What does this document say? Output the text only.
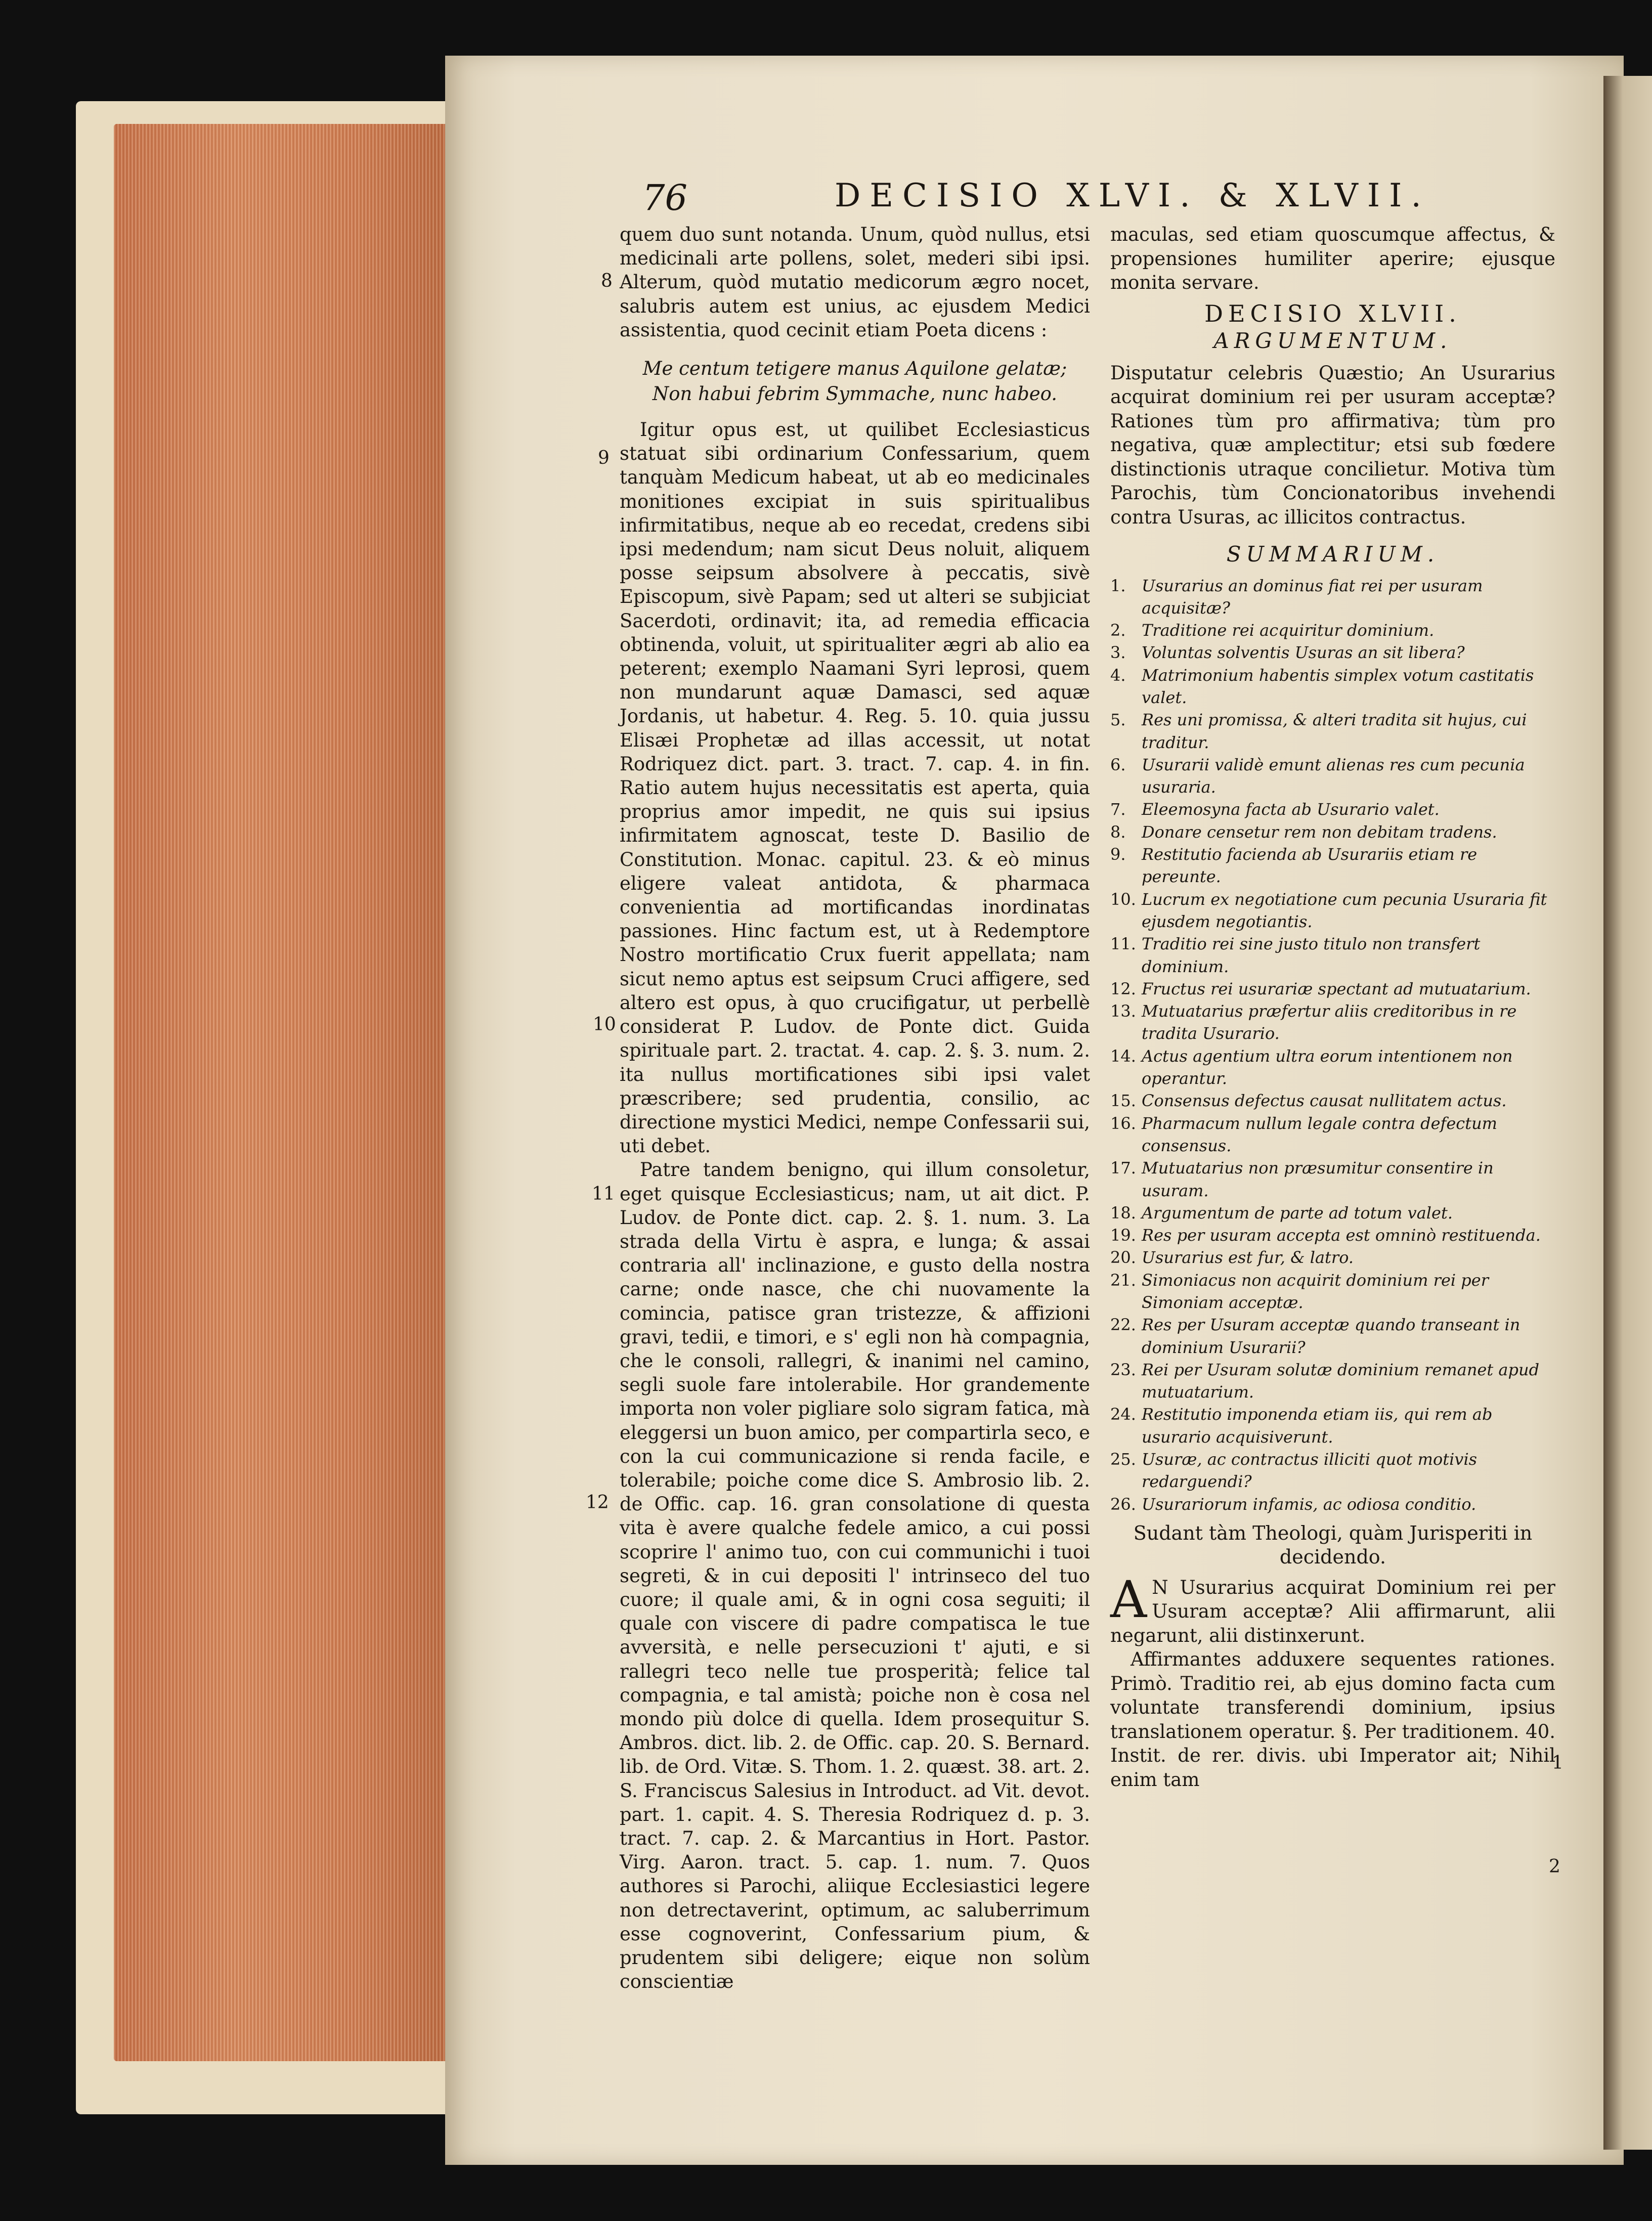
76	DECISIO XLVI. & XLVII.
8
9
10
11
12
1
2

quem duo sunt notanda. Unum, quòd nullus, etsi medicinali arte pollens, solet, mederi sibi ipsi. Alterum, quòd mutatio medicorum ægro nocet, salubris autem est unius, ac ejusdem Medici assistentia, quod cecinit etiam Poeta dicens :

Me centum tetigere manus Aquilone gelatæ;
Non habui febrim Symmache, nunc habeo.

Igitur opus est, ut quilibet Ecclesiasticus statuat sibi ordinarium Confessarium, quem tanquàm Medicum habeat, ut ab eo medicinales monitiones excipiat in suis spiritualibus infirmitatibus, neque ab eo recedat, credens sibi ipsi medendum; nam sicut Deus noluit, aliquem posse seipsum absolvere à peccatis, sivè Episcopum, sivè Papam; sed ut alteri se subjiciat Sacerdoti, ordinavit; ita, ad remedia efficacia obtinenda, voluit, ut spiritualiter ægri ab alio ea peterent; exemplo Naamani Syri leprosi, quem non mundarunt aquæ Damasci, sed aquæ Jordanis, ut habetur. 4. Reg. 5. 10. quia jussu Elisæi Prophetæ ad illas accessit, ut notat Rodriquez dict. part. 3. tract. 7. cap. 4. in fin. Ratio autem hujus necessitatis est aperta, quia proprius amor impedit, ne quis sui ipsius infirmitatem agnoscat, teste D. Basilio de Constitution. Monac. capitul. 23. & eò minus eligere valeat antidota, & pharmaca convenientia ad mortificandas inordinatas passiones. Hinc factum est, ut à Redemptore Nostro mortificatio Crux fuerit appellata; nam sicut nemo aptus est seipsum Cruci affigere, sed altero est opus, à quo crucifigatur, ut perbellè considerat P. Ludov. de Ponte dict. Guida spirituale part. 2. tractat. 4. cap. 2. §. 3. num. 2. ita nullus mortificationes sibi ipsi valet præscribere; sed prudentia, consilio, ac directione mystici Medici, nempe Confessarii sui, uti debet.

Patre tandem benigno, qui illum consoletur, eget quisque Ecclesiasticus; nam, ut ait dict. P. Ludov. de Ponte dict. cap. 2. §. 1. num. 3. La strada della Virtu è aspra, e lunga; & assai contraria all' inclinazione, e gusto della nostra carne; onde nasce, che chi nuovamente la comincia, patisce gran tristezze, & affizioni gravi, tedii, e timori, e s' egli non hà compagnia, che le consoli, rallegri, & inanimi nel camino, segli suole fare intolerabile. Hor grandemente importa non voler pigliare solo sigram fatica, mà eleggersi un buon amico, per compartirla seco, e con la cui communicazione si renda facile, e tolerabile; poiche come dice S. Ambrosio lib. 2. de Offic. cap. 16. gran consolatione di questa vita è avere qualche fedele amico, a cui possi scoprire l' animo tuo, con cui communichi i tuoi segreti, & in cui depositi l' intrinseco del tuo cuore; il quale ami, & in ogni cosa seguiti; il quale con viscere di padre compatisca le tue avversità, e nelle persecuzioni t' ajuti, e si rallegri teco nelle tue prosperità; felice tal compagnia, e tal amistà; poiche non è cosa nel mondo più dolce di quella. Idem prosequitur S. Ambros. dict. lib. 2. de Offic. cap. 20. S. Bernard. lib. de Ord. Vitæ. S. Thom. 1. 2. quæst. 38. art. 2. S. Franciscus Salesius in Introduct. ad Vit. devot. part. 1. capit. 4. S. Theresia Rodriquez d. p. 3. tract. 7. cap. 2. & Marcantius in Hort. Pastor. Virg. Aaron. tract. 5. cap. 1. num. 7. Quos authores si Parochi, aliique Ecclesiastici legere non detrectaverint, optimum, ac saluberrimum esse cognoverint, Confessarium pium, & prudentem sibi deligere; eique non solùm conscientiæ

maculas, sed etiam quoscumque affectus, & propensiones humiliter aperire; ejusque monita servare.

DECISIO XLVII.
ARGUMENTUM.

Disputatur celebris Quæstio; An Usurarius acquirat dominium rei per usuram acceptæ? Rationes tùm pro affirmativa; tùm pro negativa, quæ amplectitur; etsi sub fœdere distinctionis utraque concilietur. Motiva tùm Parochis, tùm Concionatoribus invehendi contra Usuras, ac illicitos contractus.

SUMMARIUM.
1. Usurarius an dominus fiat rei per usuram acquisitæ?
2. Traditione rei acquiritur dominium.
3. Voluntas solventis Usuras an sit libera?
4. Matrimonium habentis simplex votum castitatis valet.
5. Res uni promissa, & alteri tradita sit hujus, cui traditur.
6. Usurarii validè emunt alienas res cum pecunia usuraria.
7. Eleemosyna facta ab Usurario valet.
8. Donare censetur rem non debitam tradens.
9. Restitutio facienda ab Usurariis etiam re pereunte.
10. Lucrum ex negotiatione cum pecunia Usuraria fit ejusdem negotiantis.
11. Traditio rei sine justo titulo non transfert dominium.
12. Fructus rei usurariæ spectant ad mutuatarium.
13. Mutuatarius præfertur aliis creditoribus in re tradita Usurario.
14. Actus agentium ultra eorum intentionem non operantur.
15. Consensus defectus causat nullitatem actus.
16. Pharmacum nullum legale contra defectum consensus.
17. Mutuatarius non præsumitur consentire in usuram.
18. Argumentum de parte ad totum valet.
19. Res per usuram accepta est omninò restituenda.
20. Usurarius est fur, & latro.
21. Simoniacus non acquirit dominium rei per Simoniam acceptæ.
22. Res per Usuram acceptæ quando transeant in dominium Usurarii?
23. Rei per Usuram solutæ dominium remanet apud mutuatarium.
24. Restitutio imponenda etiam iis, qui rem ab usurario acquisiverunt.
25. Usuræ, ac contractus illiciti quot motivis redarguendi?
26. Usurariorum infamis, ac odiosa conditio.
Sudant tàm Theologi, quàm Jurisperiti in decidendo.

A N Usurarius acquirat Dominium rei per Usuram acceptæ? Alii affirmarunt, alii negarunt, alii distinxerunt.

Affirmantes adduxere sequentes rationes. Primò. Traditio rei, ab ejus domino facta cum voluntate transferendi dominium, ipsius translationem operatur. §. Per traditionem. 40. Instit. de rer. divis. ubi Imperator ait; Nihil enim tam
